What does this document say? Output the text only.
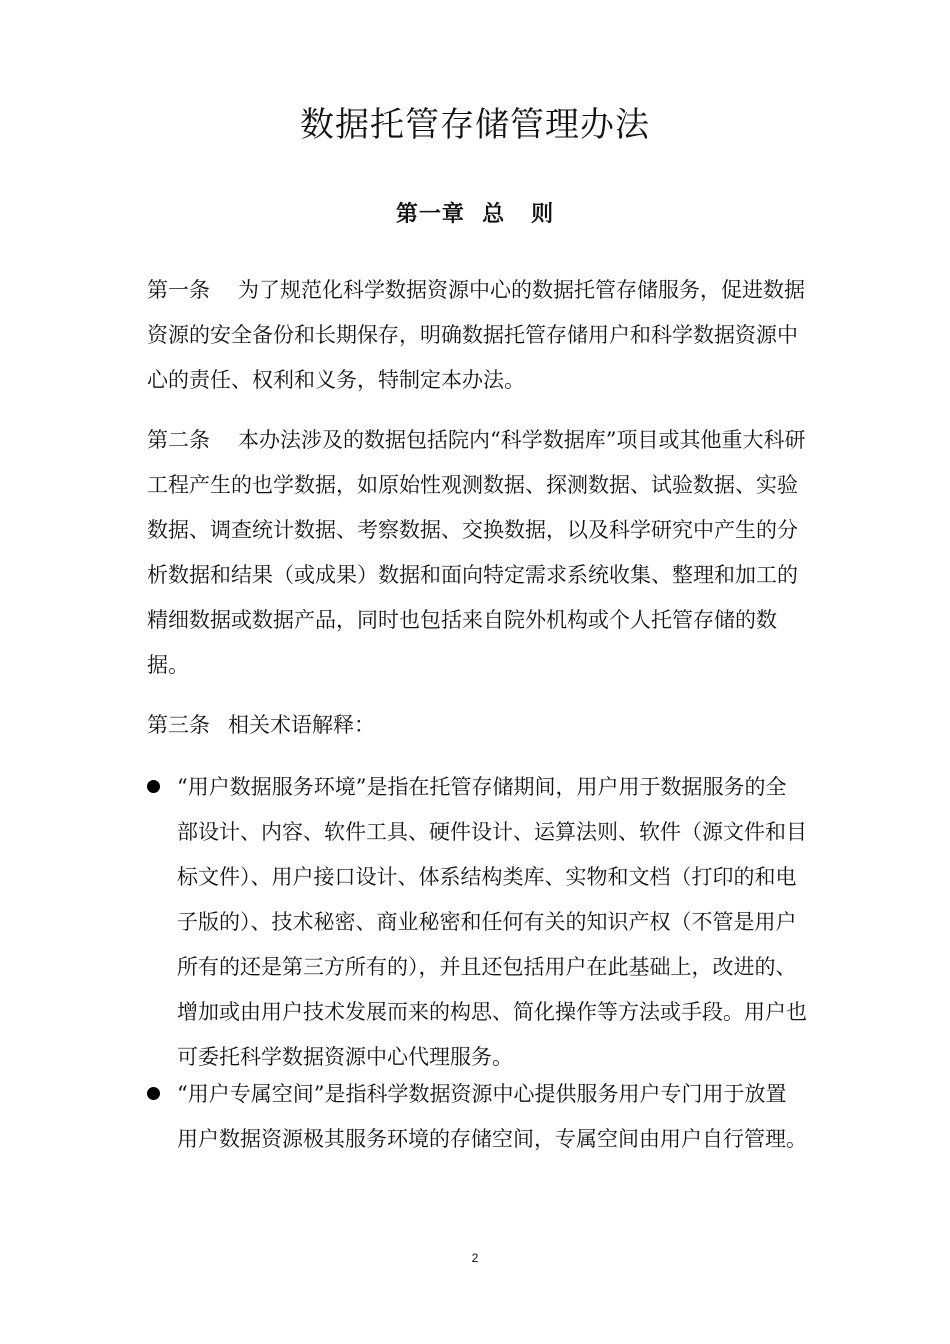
数据托管存储管理办法
第一章  总   则

第一条 为了规范化科学数据资源中心的数据托管存储服务，促进数据资源的安全备份和长期保存，明确数据托管存储用户和科学数据资源中心的责任、权利和义务，特制定本办法。

第二条 本办法涉及的数据包括院内“科学数据库”项目或其他重大科研工程产生的也学数据，如原始性观测数据、探测数据、试验数据、实验数据、调查统计数据、考察数据、交换数据，以及科学研究中产生的分析数据和结果（或成果）数据和面向特定需求系统收集、整理和加工的精细数据或数据产品，同时也包括来自院外机构或个人托管存储的数据。

第三条 相关术语解释：

“用户数据服务环境”是指在托管存储期间，用户用于数据服务的全部设计、内容、软件工具、硬件设计、运算法则、软件（源文件和目标文件）、用户接口设计、体系结构类库、实物和文档（打印的和电子版的）、技术秘密、商业秘密和任何有关的知识产权（不管是用户所有的还是第三方所有的），并且还包括用户在此基础上，改进的、增加或由用户技术发展而来的构思、简化操作等方法或手段。用户也可委托科学数据资源中心代理服务。
“用户专属空间”是指科学数据资源中心提供服务用户专门用于放置用户数据资源极其服务环境的存储空间，专属空间由用户自行管理。
2
